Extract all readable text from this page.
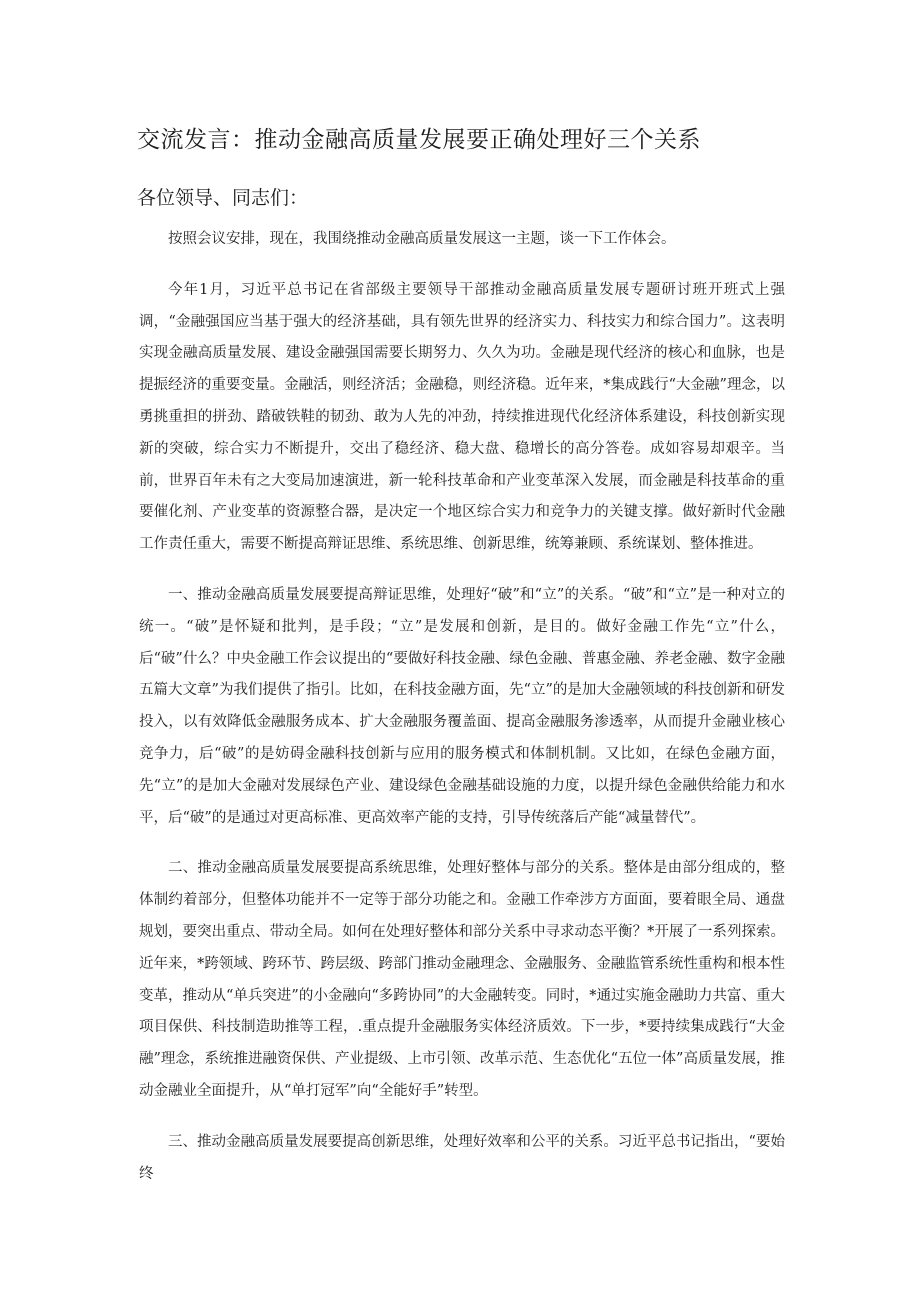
交流发言：推动金融高质量发展要正确处理好三个关系
各位领导、同志们：

按照会议安排，现在，我围绕推动金融高质量发展这一主题，谈一下工作体会。

今年1月，习近平总书记在省部级主要领导干部推动金融高质量发展专题研讨班开班式上强调，“金融强国应当基于强大的经济基础，具有领先世界的经济实力、科技实力和综合国力”。这表明实现金融高质量发展、建设金融强国需要长期努力、久久为功。金融是现代经济的核心和血脉，也是提振经济的重要变量。金融活，则经济活；金融稳，则经济稳。近年来，*集成践行“大金融”理念，以勇挑重担的拼劲、踏破铁鞋的韧劲、敢为人先的冲劲，持续推进现代化经济体系建设，科技创新实现新的突破，综合实力不断提升，交出了稳经济、稳大盘、稳增长的高分答卷。成如容易却艰辛。当前，世界百年未有之大变局加速演进，新一轮科技革命和产业变革深入发展，而金融是科技革命的重要催化剂、产业变革的资源整合器，是决定一个地区综合实力和竞争力的关键支撑。做好新时代金融工作责任重大，需要不断提高辩证思维、系统思维、创新思维，统筹兼顾、系统谋划、整体推进。

一、推动金融高质量发展要提高辩证思维，处理好“破”和“立”的关系。“破”和“立”是一种对立的统一。“破”是怀疑和批判，是手段；“立”是发展和创新，是目的。做好金融工作先“立”什么，后“破”什么？中央金融工作会议提出的“要做好科技金融、绿色金融、普惠金融、养老金融、数字金融五篇大文章”为我们提供了指引。比如，在科技金融方面，先“立”的是加大金融领域的科技创新和研发投入，以有效降低金融服务成本、扩大金融服务覆盖面、提高金融服务渗透率，从而提升金融业核心竞争力，后“破”的是妨碍金融科技创新与应用的服务模式和体制机制。又比如，在绿色金融方面，先“立”的是加大金融对发展绿色产业、建设绿色金融基础设施的力度，以提升绿色金融供给能力和水平，后“破”的是通过对更高标准、更高效率产能的支持，引导传统落后产能“减量替代”。

二、推动金融高质量发展要提高系统思维，处理好整体与部分的关系。整体是由部分组成的，整体制约着部分，但整体功能并不一定等于部分功能之和。金融工作牵涉方方面面，要着眼全局、通盘规划，要突出重点、带动全局。如何在处理好整体和部分关系中寻求动态平衡？*开展了一系列探索。近年来，*跨领域、跨环节、跨层级、跨部门推动金融理念、金融服务、金融监管系统性重构和根本性变革，推动从“单兵突进”的小金融向“多跨协同”的大金融转变。同时，*通过实施金融助力共富、重大项目保供、科技制造助推等工程，.重点提升金融服务实体经济质效。下一步，*要持续集成践行“大金融”理念，系统推进融资保供、产业提级、上市引领、改革示范、生态优化“五位一体”高质量发展，推动金融业全面提升，从“单打冠军”向“全能好手”转型。

三、推动金融高质量发展要提高创新思维，处理好效率和公平的关系。习近平总书记指出，“要始终
